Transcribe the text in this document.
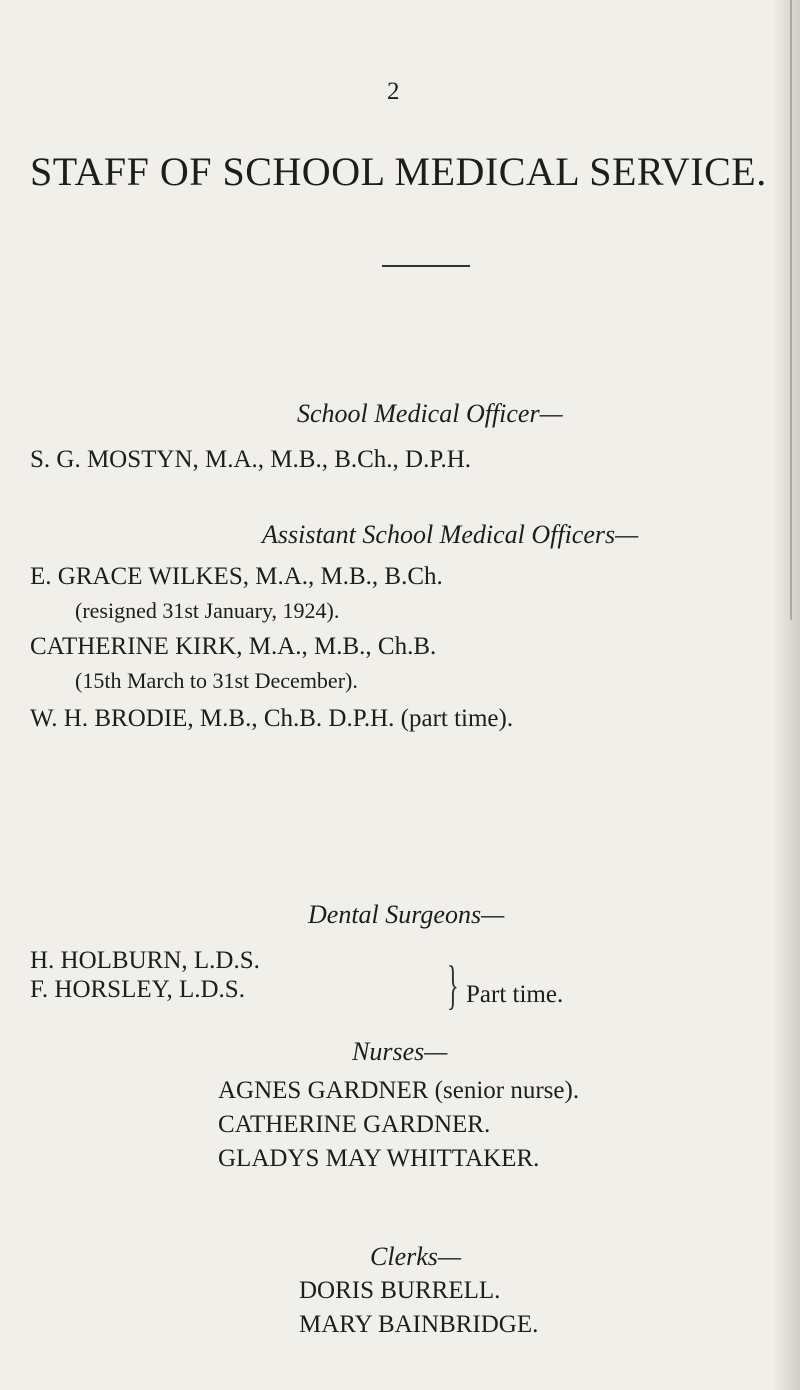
2
STAFF OF SCHOOL MEDICAL SERVICE.
School Medical Officer—
S. G. MOSTYN, M.A., M.B., B.Ch., D.P.H.
Assistant School Medical Officers—
E. GRACE WILKES, M.A., M.B., B.Ch.
(resigned 31st January, 1924).
CATHERINE KIRK, M.A., M.B., Ch.B.
(15th March to 31st December).
W. H. BRODIE, M.B., Ch.B. D.P.H. (part time).
Dental Surgeons—
H. HOLBURN, L.D.S.
F. HORSLEY, L.D.S.	} Part time.
Nurses—
AGNES GARDNER (senior nurse).
CATHERINE GARDNER.
GLADYS MAY WHITTAKER.
Clerks—
DORIS BURRELL.
MARY BAINBRIDGE.
